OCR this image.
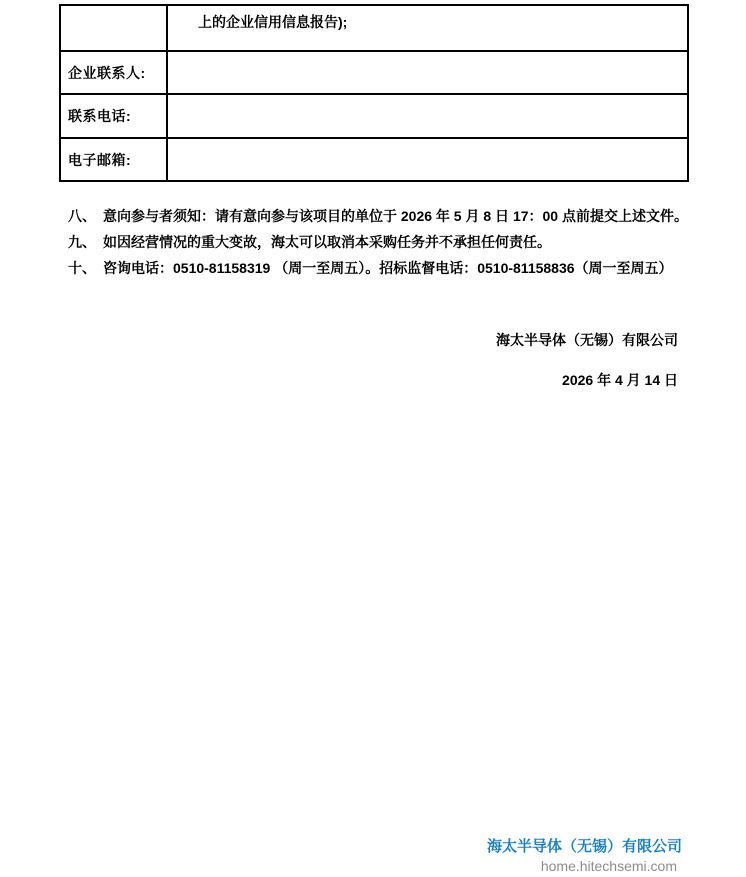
	上的企业信用信息报告);
企业联系人:	
联系电话:	
电子邮箱:	
八、 意向参与者须知：请有意向参与该项目的单位于 2026 年 5 月 8 日 17：00 点前提交上述文件。
九、 如因经营情况的重大变故，海太可以取消本采购任务并不承担任何责任。
十、 咨询电话：0510-81158319 （周一至周五）。招标监督电话：0510-81158836（周一至周五）
海太半导体（无锡）有限公司
2026 年 4 月 14 日
海太半导体（无锡）有限公司
home.hitechsemi.com
